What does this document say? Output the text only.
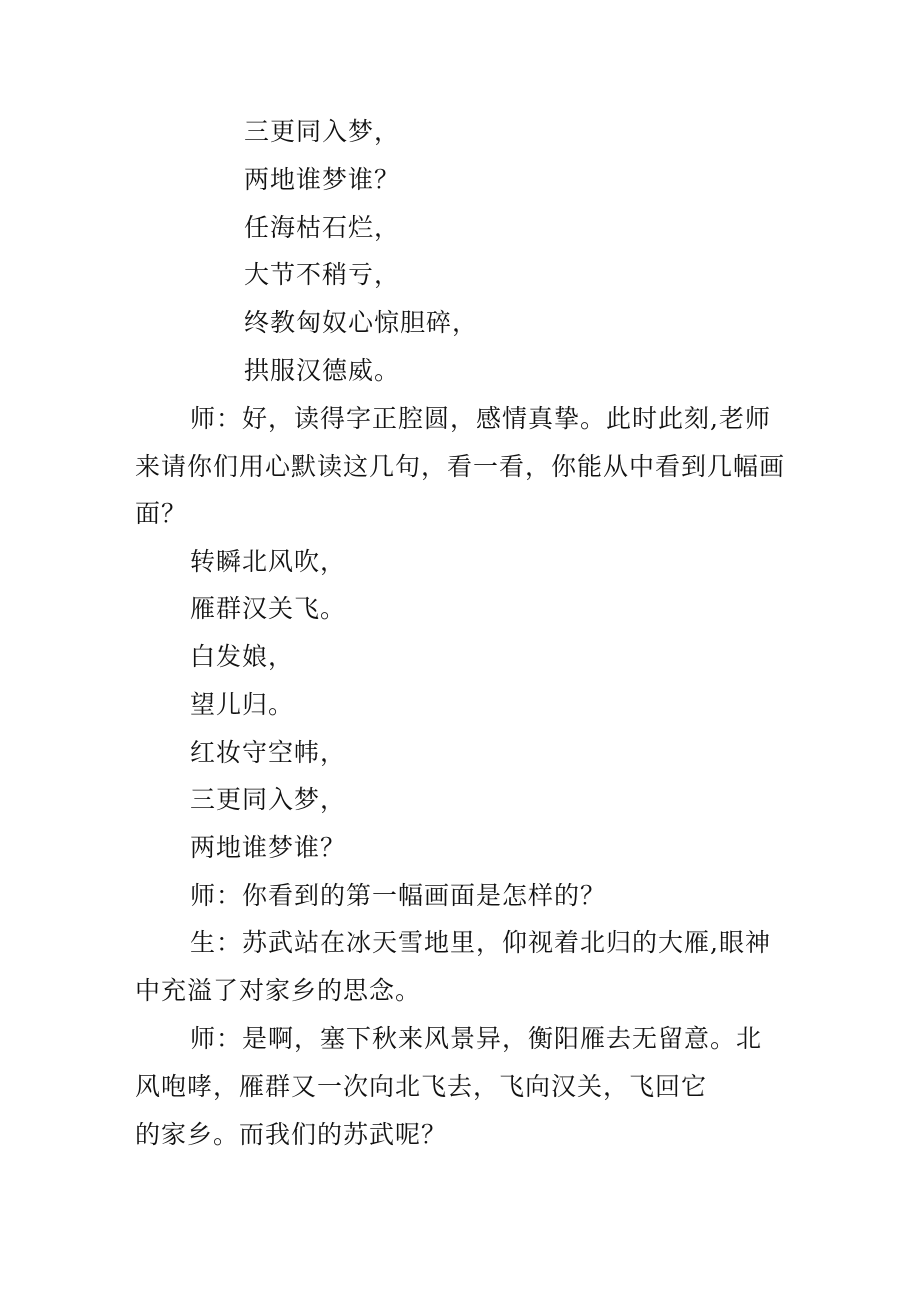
三更同入梦，
两地谁梦谁？
任海枯石烂，
大节不稍亏，
终教匈奴心惊胆碎，
拱服汉德威。
师：好，读得字正腔圆，感情真挚。此时此刻,老师
来请你们用心默读这几句，看一看，你能从中看到几幅画
面？
转瞬北风吹，
雁群汉关飞。
白发娘，
望儿归。
红妆守空帏，
三更同入梦，
两地谁梦谁？
师：你看到的第一幅画面是怎样的？
生：苏武站在冰天雪地里，仰视着北归的大雁,眼神
中充溢了对家乡的思念。
师：是啊，塞下秋来风景异，衡阳雁去无留意。北
风咆哮，雁群又一次向北飞去，飞向汉关，飞回它
的家乡。而我们的苏武呢？
